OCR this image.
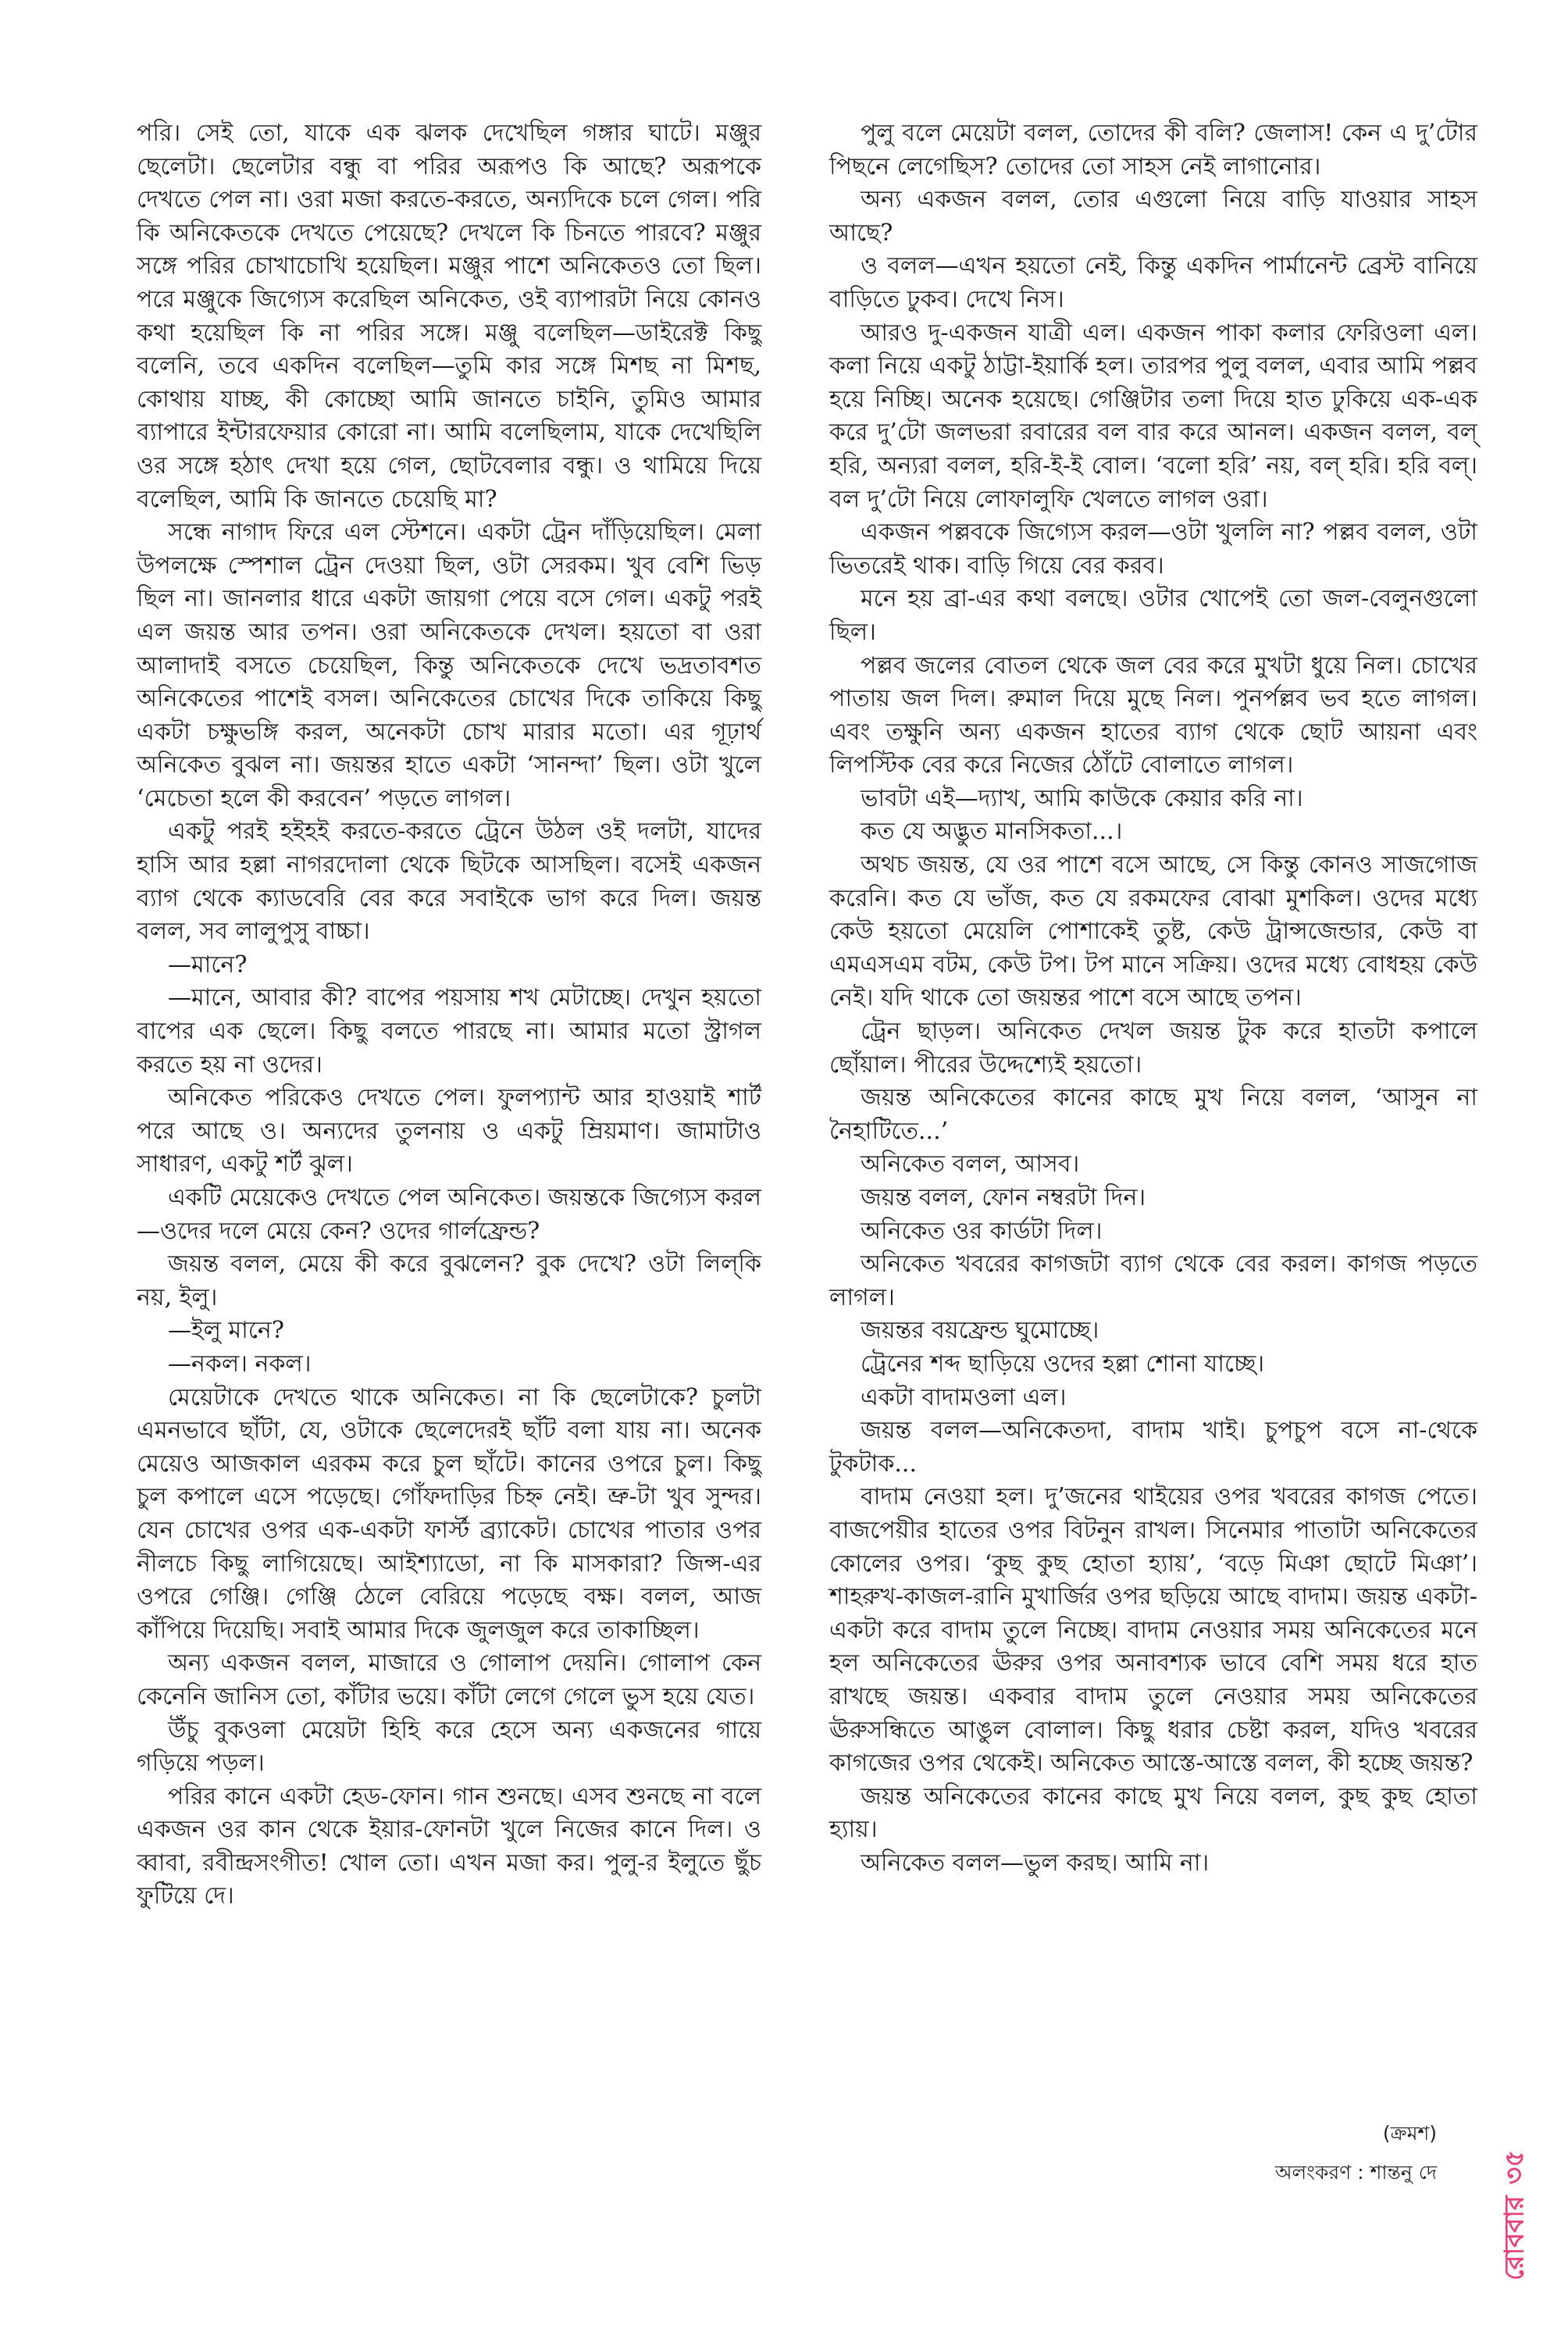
পরি। সেই তো, যাকে এক ঝলক দেখেছিল গঙ্গার ঘাটে। মঞ্জুর ছেলেটা। ছেলেটার বন্ধু বা পরির অরূপও কি আছে? অরূপকে দেখতে পেল না। ওরা মজা করতে-করতে, অন্যদিকে চলে গেল। পরি কি অনিকেতকে দেখতে পেয়েছে? দেখলে কি চিনতে পারবে? মঞ্জুর সঙ্গে পরির চোখাচোখি হয়েছিল। মঞ্জুর পাশে অনিকেতও তো ছিল। পরে মঞ্জুকে জিগ্যেস করেছিল অনিকেত, ওই ব্যাপারটা নিয়ে কোনও কথা হয়েছিল কি না পরির সঙ্গে। মঞ্জু বলেছিল—ডাইরেক্ট কিছু বলেনি, তবে একদিন বলেছিল—তুমি কার সঙ্গে মিশছ না মিশছ, কোথায় যাচ্ছ, কী কোচ্ছো আমি জানতে চাইনি, তুমিও আমার ব্যাপারে ইন্টারফেয়ার কোরো না। আমি বলেছিলাম, যাকে দেখেছিলি ওর সঙ্গে হঠাৎ দেখা হয়ে গেল, ছোটবেলার বন্ধু। ও থামিয়ে দিয়ে বলেছিল, আমি কি জানতে চেয়েছি মা?

সন্ধে নাগাদ ফিরে এল স্টেশনে। একটা ট্রেন দাঁড়িয়েছিল। মেলা উপলক্ষে স্পেশাল ট্রেন দেওয়া ছিল, ওটা সেরকম। খুব বেশি ভিড় ছিল না। জানলার ধারে একটা জায়গা পেয়ে বসে গেল। একটু পরই এল জয়ন্ত আর তপন। ওরা অনিকেতকে দেখল। হয়তো বা ওরা আলাদাই বসতে চেয়েছিল, কিন্তু অনিকেতকে দেখে ভদ্রতাবশত অনিকেতের পাশেই বসল। অনিকেতের চোখের দিকে তাকিয়ে কিছু একটা চক্ষুভঙ্গি করল, অনেকটা চোখ মারার মতো। এর গূঢ়ার্থ অনিকেত বুঝল না। জয়ন্তর হাতে একটা ‘সানন্দা’ ছিল। ওটা খুলে ‘মেচেতা হলে কী করবেন’ পড়তে লাগল।

একটু পরই হইহই করতে-করতে ট্রেনে উঠল ওই দলটা, যাদের হাসি আর হল্লা নাগরদোলা থেকে ছিটকে আসছিল। বসেই একজন ব্যাগ থেকে ক্যাডবেরি বের করে সবাইকে ভাগ করে দিল। জয়ন্ত বলল, সব লালুপুসু বাচ্চা।

—মানে?

—মানে, আবার কী? বাপের পয়সায় শখ মেটাচ্ছে। দেখুন হয়তো বাপের এক ছেলে। কিছু বলতে পারছে না। আমার মতো স্ট্রাগল করতে হয় না ওদের।

অনিকেত পরিকেও দেখতে পেল। ফুলপ্যান্ট আর হাওয়াই শার্ট পরে আছে ও। অন্যদের তুলনায় ও একটু ম্রিয়মাণ। জামাটাও সাধারণ, একটু শর্ট ঝুল।

একটি মেয়েকেও দেখতে পেল অনিকেত। জয়ন্তকে জিগ্যেস করল—ওদের দলে মেয়ে কেন? ওদের গার্লফ্রেন্ড?

জয়ন্ত বলল, মেয়ে কী করে বুঝলেন? বুক দেখে? ওটা লিল্‌কি নয়, ইলু।

—ইলু মানে?

—নকল। নকল।

মেয়েটাকে দেখতে থাকে অনিকেত। না কি ছেলেটাকে? চুলটা এমনভাবে ছাঁটা, যে, ওটাকে ছেলেদেরই ছাঁট বলা যায় না। অনেক মেয়েও আজকাল এরকম করে চুল ছাঁটে। কানের ওপরে চুল। কিছু চুল কপালে এসে পড়েছে। গোঁফদাড়ির চিহ্ন নেই। ভ্রু-টা খুব সুন্দর। যেন চোখের ওপর এক-একটা ফার্স্ট ব্র্যাকেট। চোখের পাতার ওপর নীলচে কিছু লাগিয়েছে। আইশ্যাডো, না কি মাসকারা? জিন্স-এর ওপরে গেঞ্জি। গেঞ্জি ঠেলে বেরিয়ে পড়েছে বক্ষ। বলল, আজ কাঁপিয়ে দিয়েছি। সবাই আমার দিকে জুলজুল করে তাকাচ্ছিল।

অন্য একজন বলল, মাজারে ও গোলাপ দেয়নি। গোলাপ কেন কেনেনি জানিস তো, কাঁটার ভয়ে। কাঁটা লেগে গেলে ভুস হয়ে যেত।

উঁচু বুকওলা মেয়েটা হিহি করে হেসে অন্য একজনের গায়ে গড়িয়ে পড়ল।

পরির কানে একটা হেড-ফোন। গান শুনছে। এসব শুনছে না বলে একজন ওর কান থেকে ইয়ার-ফোনটা খুলে নিজের কানে দিল। ও ব্বাবা, রবীন্দ্রসংগীত! খোল তো। এখন মজা কর। পুলু-র ইলুতে ছুঁচ ফুটিয়ে দে।

পুলু বলে মেয়েটা বলল, তোদের কী বলি? জেলাস! কেন এ দু’টোর পিছনে লেগেছিস? তোদের তো সাহস নেই লাগানোর।

অন্য একজন বলল, তোর এগুলো নিয়ে বাড়ি যাওয়ার সাহস আছে?

ও বলল—এখন হয়তো নেই, কিন্তু একদিন পার্মানেন্ট ব্রেস্ট বানিয়ে বাড়িতে ঢুকব। দেখে নিস।

আরও দু-একজন যাত্রী এল। একজন পাকা কলার ফেরিওলা এল। কলা নিয়ে একটু ঠাট্টা-ইয়ার্কি হল। তারপর পুলু বলল, এবার আমি পল্লব হয়ে নিচ্ছি। অনেক হয়েছে। গেঞ্জিটার তলা দিয়ে হাত ঢুকিয়ে এক-এক করে দু’টো জলভরা রবারের বল বার করে আনল। একজন বলল, বল্ হরি, অন্যরা বলল, হরি-ই-ই বোল। ‘বলো হরি’ নয়, বল্ হরি। হরি বল্। বল দু’টো নিয়ে লোফালুফি খেলতে লাগল ওরা।

একজন পল্লবকে জিগ্যেস করল—ওটা খুললি না? পল্লব বলল, ওটা ভিতরেই থাক। বাড়ি গিয়ে বের করব।

মনে হয় ব্রা-এর কথা বলছে। ওটার খোপেই তো জল-বেলুনগুলো ছিল।

পল্লব জলের বোতল থেকে জল বের করে মুখটা ধুয়ে নিল। চোখের পাতায় জল দিল। রুমাল দিয়ে মুছে নিল। পুনর্পল্লব ভব হতে লাগল। এবং তক্ষুনি অন্য একজন হাতের ব্যাগ থেকে ছোট আয়না এবং লিপস্টিক বের করে নিজের ঠোঁটে বোলাতে লাগল।

ভাবটা এই—দ্যাখ, আমি কাউকে কেয়ার করি না।

কত যে অদ্ভুত মানসিকতা...।

অথচ জয়ন্ত, যে ওর পাশে বসে আছে, সে কিন্তু কোনও সাজগোজ করেনি। কত যে ভাঁজ, কত যে রকমফের বোঝা মুশকিল। ওদের মধ্যে কেউ হয়তো মেয়েলি পোশাকেই তুষ্ট, কেউ ট্রান্সজেন্ডার, কেউ বা এমএসএম বটম, কেউ টপ। টপ মানে সক্রিয়। ওদের মধ্যে বোধহয় কেউ নেই। যদি থাকে তো জয়ন্তর পাশে বসে আছে তপন।

ট্রেন ছাড়ল। অনিকেত দেখল জয়ন্ত টুক করে হাতটা কপালে ছোঁয়াল। পীরের উদ্দেশ্যেই হয়তো।

জয়ন্ত অনিকেতের কানের কাছে মুখ নিয়ে বলল, ‘আসুন না নৈহাটিতে...’

অনিকেত বলল, আসব।

জয়ন্ত বলল, ফোন নম্বরটা দিন।

অনিকেত ওর কার্ডটা দিল।

অনিকেত খবরের কাগজটা ব্যাগ থেকে বের করল। কাগজ পড়তে লাগল।

জয়ন্তর বয়ফ্রেন্ড ঘুমোচ্ছে।

ট্রেনের শব্দ ছাড়িয়ে ওদের হল্লা শোনা যাচ্ছে।

একটা বাদামওলা এল।

জয়ন্ত বলল—অনিকেতদা, বাদাম খাই। চুপচুপ বসে না-থেকে টুকটাক...

বাদাম নেওয়া হল। দু’জনের থাইয়ের ওপর খবরের কাগজ পেতে। বাজপেয়ীর হাতের ওপর বিটনুন রাখল। সিনেমার পাতাটা অনিকেতের কোলের ওপর। ‘কুছ কুছ হোতা হ্যায়’, ‘বড়ে মিঞা ছোটে মিঞা’। শাহরুখ-কাজল-রানি মুখার্জির ওপর ছড়িয়ে আছে বাদাম। জয়ন্ত একটা-একটা করে বাদাম তুলে নিচ্ছে। বাদাম নেওয়ার সময় অনিকেতের মনে হল অনিকেতের ঊরুর ওপর অনাবশ্যক ভাবে বেশি সময় ধরে হাত রাখছে জয়ন্ত। একবার বাদাম তুলে নেওয়ার সময় অনিকেতের ঊরুসন্ধিতে আঙুল বোলাল। কিছু ধরার চেষ্টা করল, যদিও খবরের কাগজের ওপর থেকেই। অনিকেত আস্তে-আস্তে বলল, কী হচ্ছে জয়ন্ত?

জয়ন্ত অনিকেতের কানের কাছে মুখ নিয়ে বলল, কুছ কুছ হোতা হ্যায়।

অনিকেত বলল—ভুল করছ। আমি না।

(ক্রমশ)
অলংকরণ : শান্তনু দে
রোববার
৩৫
